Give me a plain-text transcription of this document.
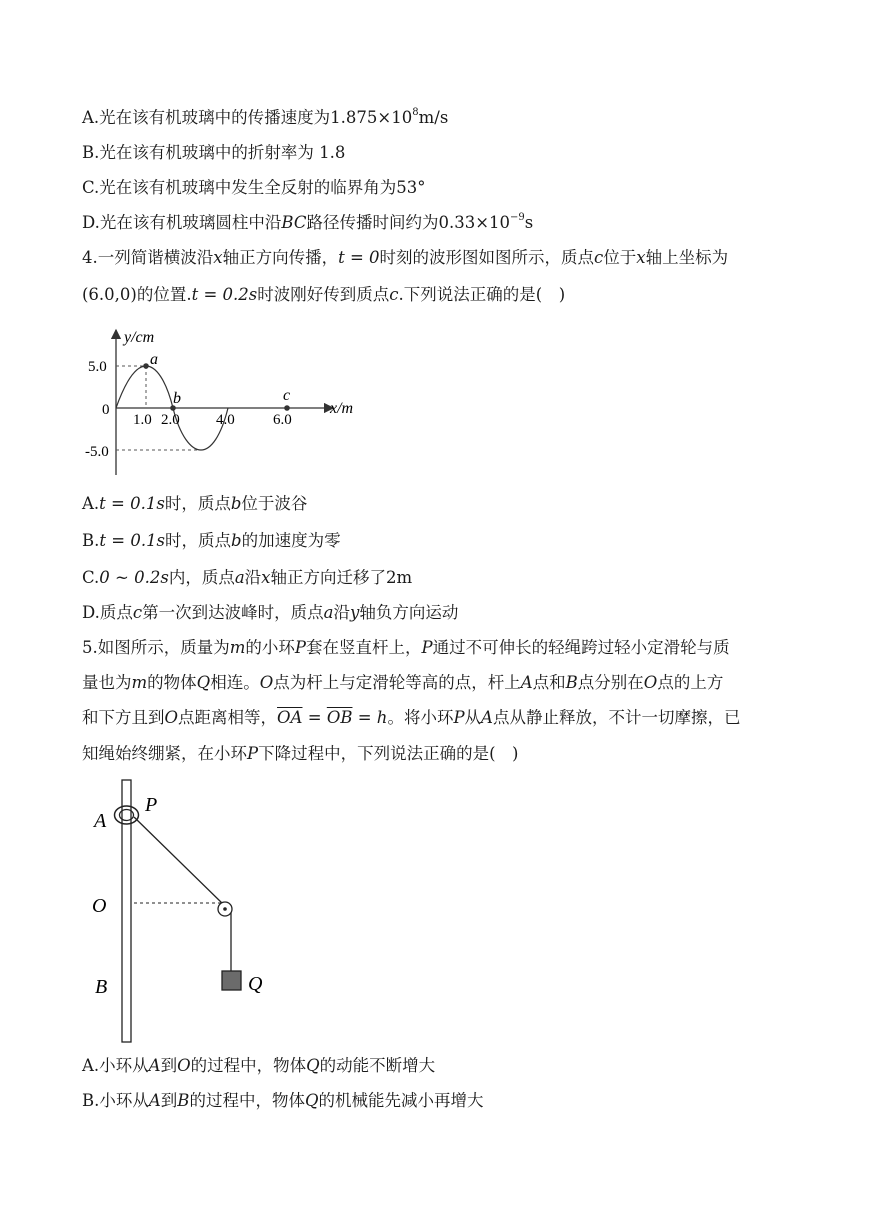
A.光在该有机玻璃中的传播速度为$1.875\times 10^8m/s$
B.光在该有机玻璃中的折射率为 1.8
C.光在该有机玻璃中发生全反射的临界角为53°
D.光在该有机玻璃圆柱中沿BC路径传播时间约为$0.33\times 10^{-9}s$
4.一列简谐横波沿x轴正方向传播，t = 0时刻的波形图如图所示，质点c位于x轴上坐标为
(6.0,0)的位置.t = 0.2s时波刚好传到质点c.下列说法正确的是(　)
y/cm
x/m
5.0
0
-5.0
1.0 2.0 4.0	6.0
a
b	c
A.t = 0.1s时，质点b位于波谷
B.t = 0.1s时，质点b的加速度为零
C.0 ~ 0.2s内，质点a沿x轴正方向迁移了2m
D.质点c第一次到达波峰时，质点a沿y轴负方向运动
5.如图所示，质量为m的小环P套在竖直杆上，P通过不可伸长的轻绳跨过轻小定滑轮与质
量也为m的物体Q相连。O点为杆上与定滑轮等高的点，杆上A点和B点分别在O点的上方
和下方且到O点距离相等，$\overline{OA} = \overline{OB} = h$。将小环P从A点从静止释放，不计一切摩擦，已
知绳始终绷紧，在小环P下降过程中，下列说法正确的是(　)
A
P
O
B	Q
A.小环从A到O的过程中，物体Q的动能不断增大
B.小环从A到B的过程中，物体Q的机械能先减小再增大
